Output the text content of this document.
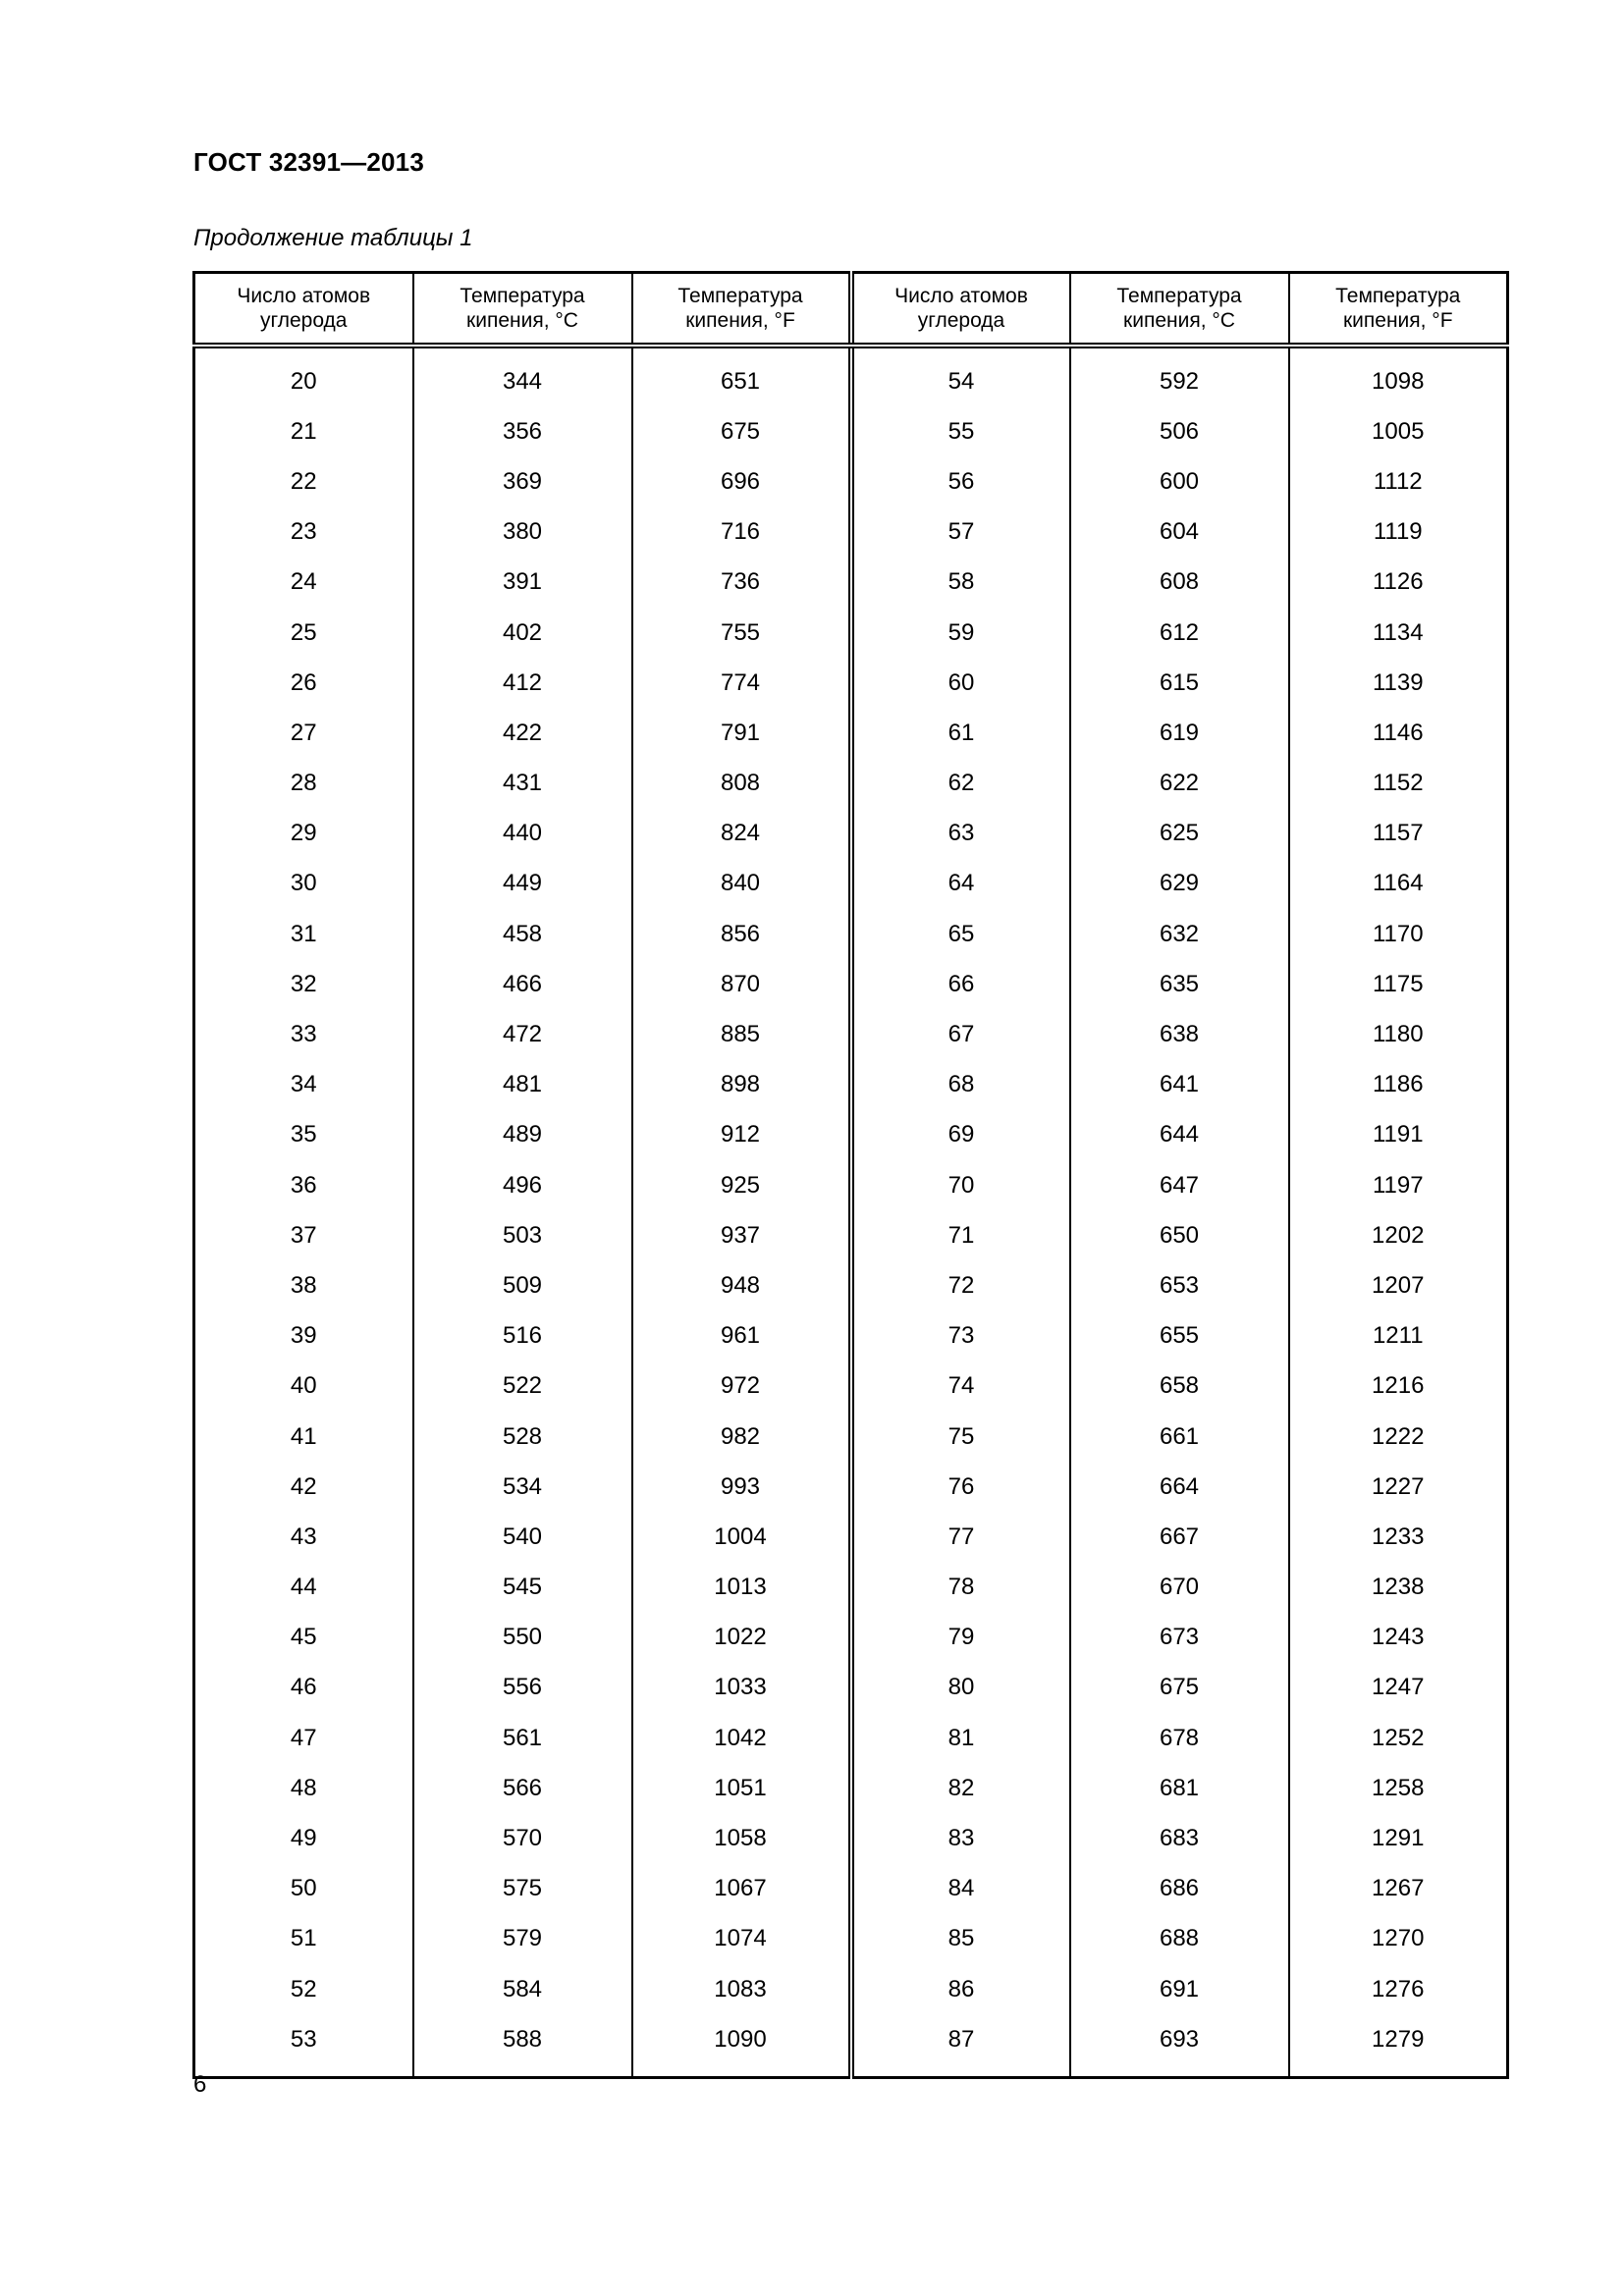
ГОСТ 32391—2013
Продолжение таблицы 1
Число атомов углерода	Температура кипения, °С	Температура кипения, °F	Число атомов углерода	Температура кипения, °С	Температура кипения, °F
20	344	651	54	592	1098
21	356	675	55	506	1005
22	369	696	56	600	1112
23	380	716	57	604	1119
24	391	736	58	608	1126
25	402	755	59	612	1134
26	412	774	60	615	1139
27	422	791	61	619	1146
28	431	808	62	622	1152
29	440	824	63	625	1157
30	449	840	64	629	1164
31	458	856	65	632	1170
32	466	870	66	635	1175
33	472	885	67	638	1180
34	481	898	68	641	1186
35	489	912	69	644	1191
36	496	925	70	647	1197
37	503	937	71	650	1202
38	509	948	72	653	1207
39	516	961	73	655	1211
40	522	972	74	658	1216
41	528	982	75	661	1222
42	534	993	76	664	1227
43	540	1004	77	667	1233
44	545	1013	78	670	1238
45	550	1022	79	673	1243
46	556	1033	80	675	1247
47	561	1042	81	678	1252
48	566	1051	82	681	1258
49	570	1058	83	683	1291
50	575	1067	84	686	1267
51	579	1074	85	688	1270
52	584	1083	86	691	1276
53	588	1090	87	693	1279
6
